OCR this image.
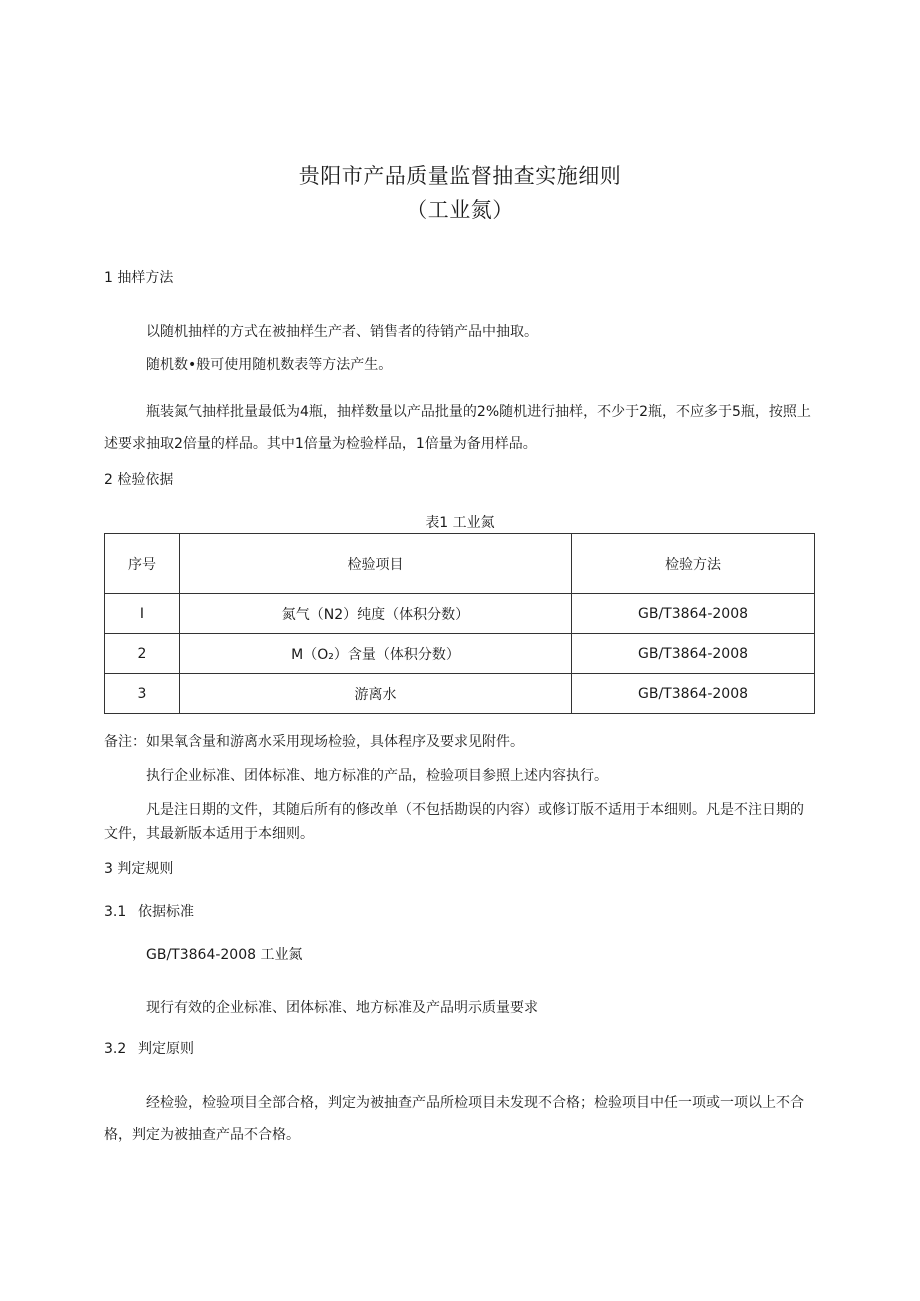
贵阳市产品质量监督抽查实施细则
（工业氮）
1 抽样方法
以随机抽样的方式在被抽样生产者、销售者的待销产品中抽取。
随机数•般可使用随机数表等方法产生。
瓶装氮气抽样批量最低为4瓶，抽样数量以产品批量的2%随机进行抽样，不少于2瓶，不应多于5瓶，按照上述要求抽取2倍量的样品。其中1倍量为检验样品，1倍量为备用样品。
2 检验依据
表1 工业氮
序号	检验项目	检验方法
I	氮气（N2）纯度（体积分数）	GB/T3864-2008
2	M（O₂）含量（体积分数）	GB/T3864-2008
3	游离水	GB/T3864-2008
备注：如果氧含量和游离水采用现场检验，具体程序及要求见附件。
执行企业标准、团体标准、地方标准的产品，检验项目参照上述内容执行。
凡是注日期的文件，其随后所有的修改单（不包括勘误的内容）或修订版不适用于本细则。凡是不注日期的文件，其最新版本适用于本细则。
3 判定规则
3.1 依据标准
GB/T3864-2008 工业氮
现行有效的企业标准、团体标准、地方标准及产品明示质量要求
3.2 判定原则
经检验，检验项目全部合格，判定为被抽查产品所检项目未发现不合格；检验项目中任一项或一项以上不合格，判定为被抽查产品不合格。
